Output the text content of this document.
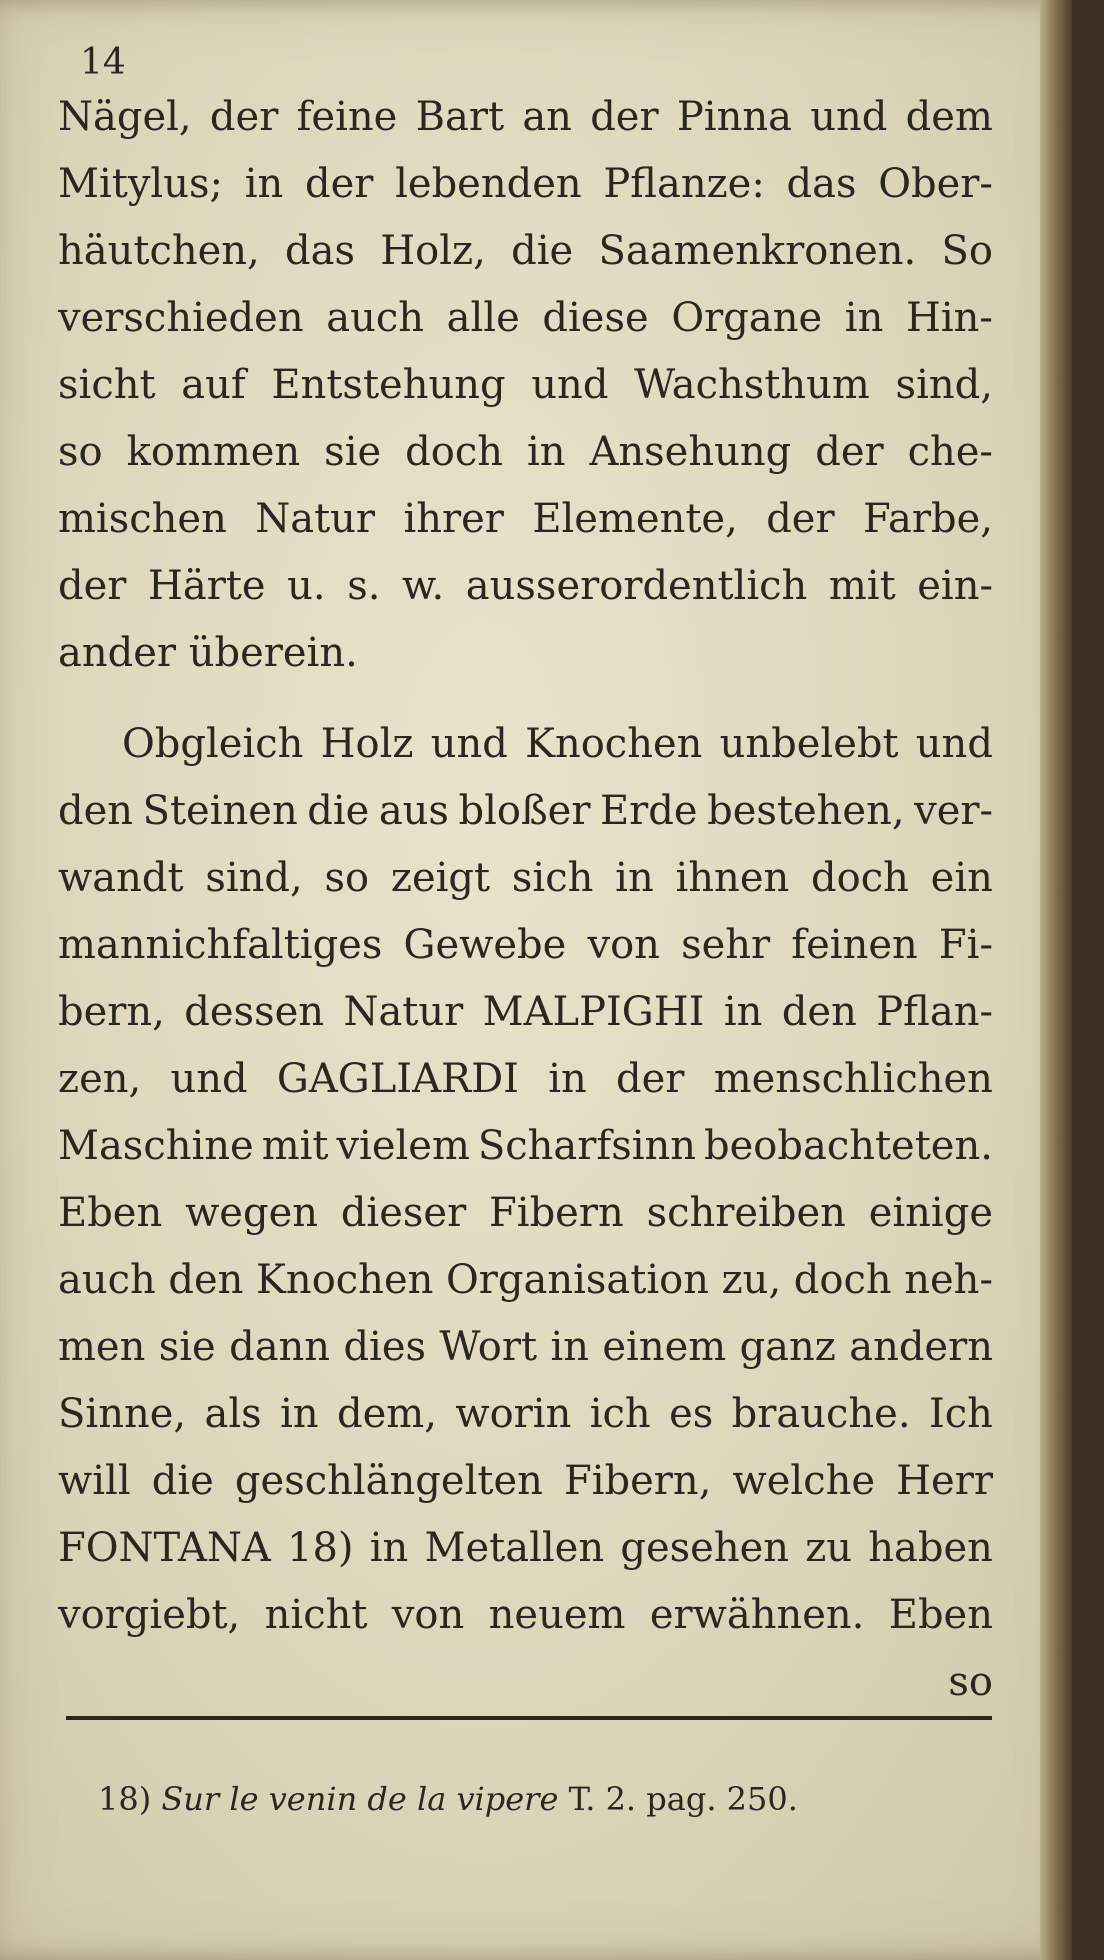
14
Nägel, der feine Bart an der Pinna und dem
Mitylus; in der lebenden Pflanze: das Ober-
häutchen, das Holz, die Saamenkronen. So
verschieden auch alle diese Organe in Hin-
sicht auf Entstehung und Wachsthum sind,
so kommen sie doch in Ansehung der che-
mischen Natur ihrer Elemente, der Farbe,
der Härte u. s. w. ausserordentlich mit ein-
ander überein.
Obgleich Holz und Knochen unbelebt und
den Steinen die aus bloßer Erde bestehen, ver-
wandt sind, so zeigt sich in ihnen doch ein
mannichfaltiges Gewebe von sehr feinen Fi-
bern, dessen Natur MALPIGHI in den Pflan-
zen, und GAGLIARDI in der menschlichen
Maschine mit vielem Scharfsinn beobachteten.
Eben wegen dieser Fibern schreiben einige
auch den Knochen Organisation zu, doch neh-
men sie dann dies Wort in einem ganz andern
Sinne, als in dem, worin ich es brauche. Ich
will die geschlängelten Fibern, welche Herr
FONTANA 18) in Metallen gesehen zu haben
vorgiebt, nicht von neuem erwähnen. Eben
so
18) Sur le venin de la vipere T. 2. pag. 250.
